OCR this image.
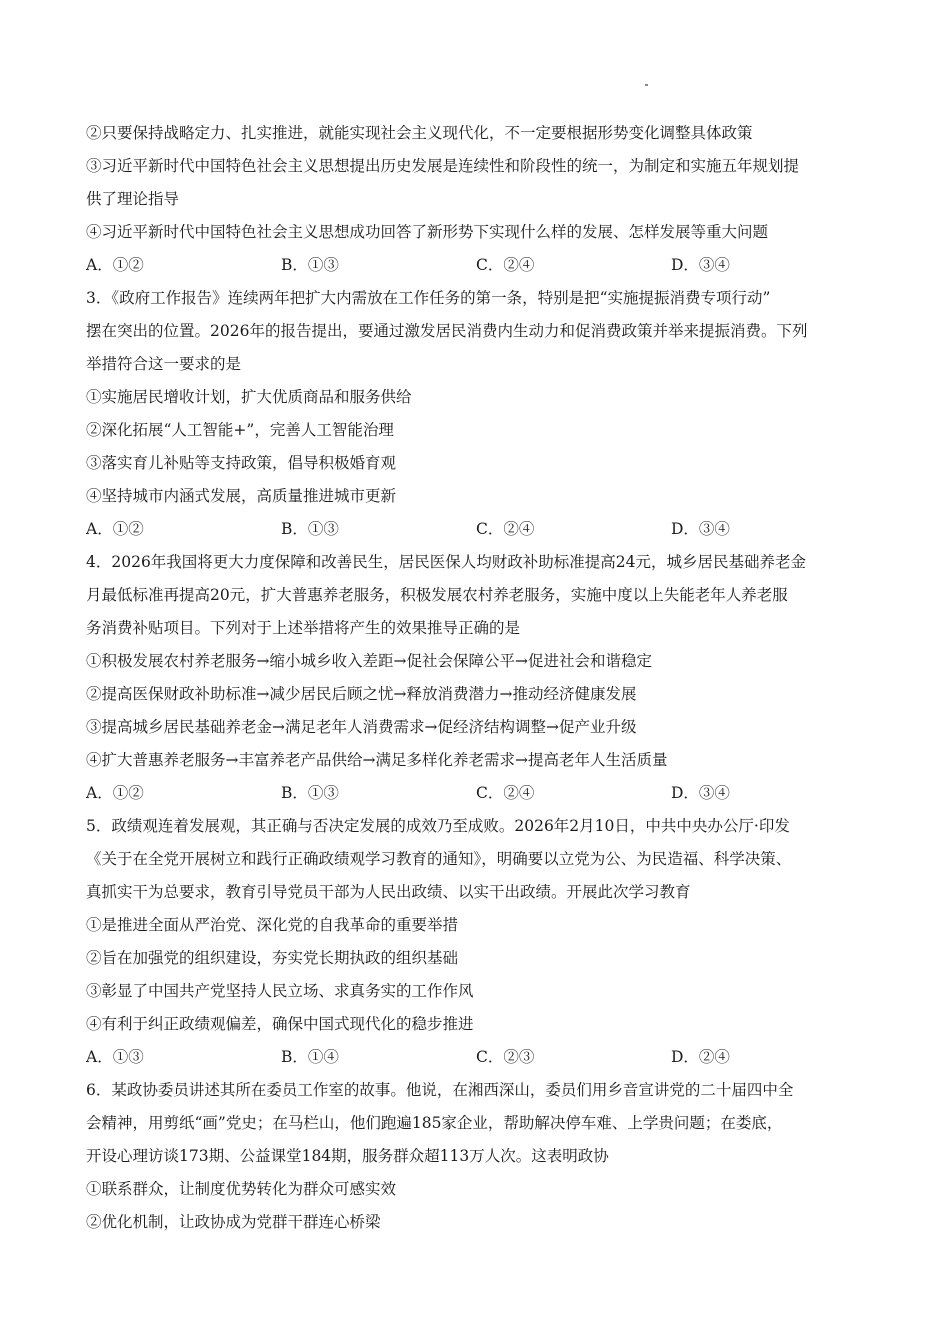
②只要保持战略定力、扎实推进，就能实现社会主义现代化，不一定要根据形势变化调整具体政策
③习近平新时代中国特色社会主义思想提出历史发展是连续性和阶段性的统一，为制定和实施五年规划提
供了理论指导
④习近平新时代中国特色社会主义思想成功回答了新形势下实现什么样的发展、怎样发展等重大问题
A．①②	B．①③	C．②④	D．③④
3．《政府工作报告》连续两年把扩大内需放在工作任务的第一条，特别是把“实施提振消费专项行动”
摆在突出的位置。2026年的报告提出，要通过激发居民消费内生动力和促消费政策并举来提振消费。下列
举措符合这一要求的是
①实施居民增收计划，扩大优质商品和服务供给
②深化拓展“人工智能+”，完善人工智能治理
③落实育儿补贴等支持政策，倡导积极婚育观
④坚持城市内涵式发展，高质量推进城市更新
A．①②	B．①③	C．②④	D．③④
4．2026年我国将更大力度保障和改善民生，居民医保人均财政补助标准提高24元，城乡居民基础养老金
月最低标准再提高20元，扩大普惠养老服务，积极发展农村养老服务，实施中度以上失能老年人养老服
务消费补贴项目。下列对于上述举措将产生的效果推导正确的是
①积极发展农村养老服务→缩小城乡收入差距→促社会保障公平→促进社会和谐稳定
②提高医保财政补助标准→减少居民后顾之忧→释放消费潜力→推动经济健康发展
③提高城乡居民基础养老金→满足老年人消费需求→促经济结构调整→促产业升级
④扩大普惠养老服务→丰富养老产品供给→满足多样化养老需求→提高老年人生活质量
A．①②	B．①③	C．②④	D．③④
5．政绩观连着发展观，其正确与否决定发展的成效乃至成败。2026年2月10日，中共中央办公厅·印发
《关于在全党开展树立和践行正确政绩观学习教育的通知》，明确要以立党为公、为民造福、科学决策、
真抓实干为总要求，教育引导党员干部为人民出政绩、以实干出政绩。开展此次学习教育
①是推进全面从严治党、深化党的自我革命的重要举措
②旨在加强党的组织建设，夯实党长期执政的组织基础
③彰显了中国共产党坚持人民立场、求真务实的工作作风
④有利于纠正政绩观偏差，确保中国式现代化的稳步推进
A．①③	B．①④	C．②③	D．②④
6．某政协委员讲述其所在委员工作室的故事。他说，在湘西深山，委员们用乡音宣讲党的二十届四中全
会精神，用剪纸“画”党史；在马栏山，他们跑遍185家企业，帮助解决停车难、上学贵问题；在娄底，
开设心理访谈173期、公益课堂184期，服务群众超113万人次。这表明政协
①联系群众，让制度优势转化为群众可感实效
②优化机制，让政协成为党群干群连心桥梁
